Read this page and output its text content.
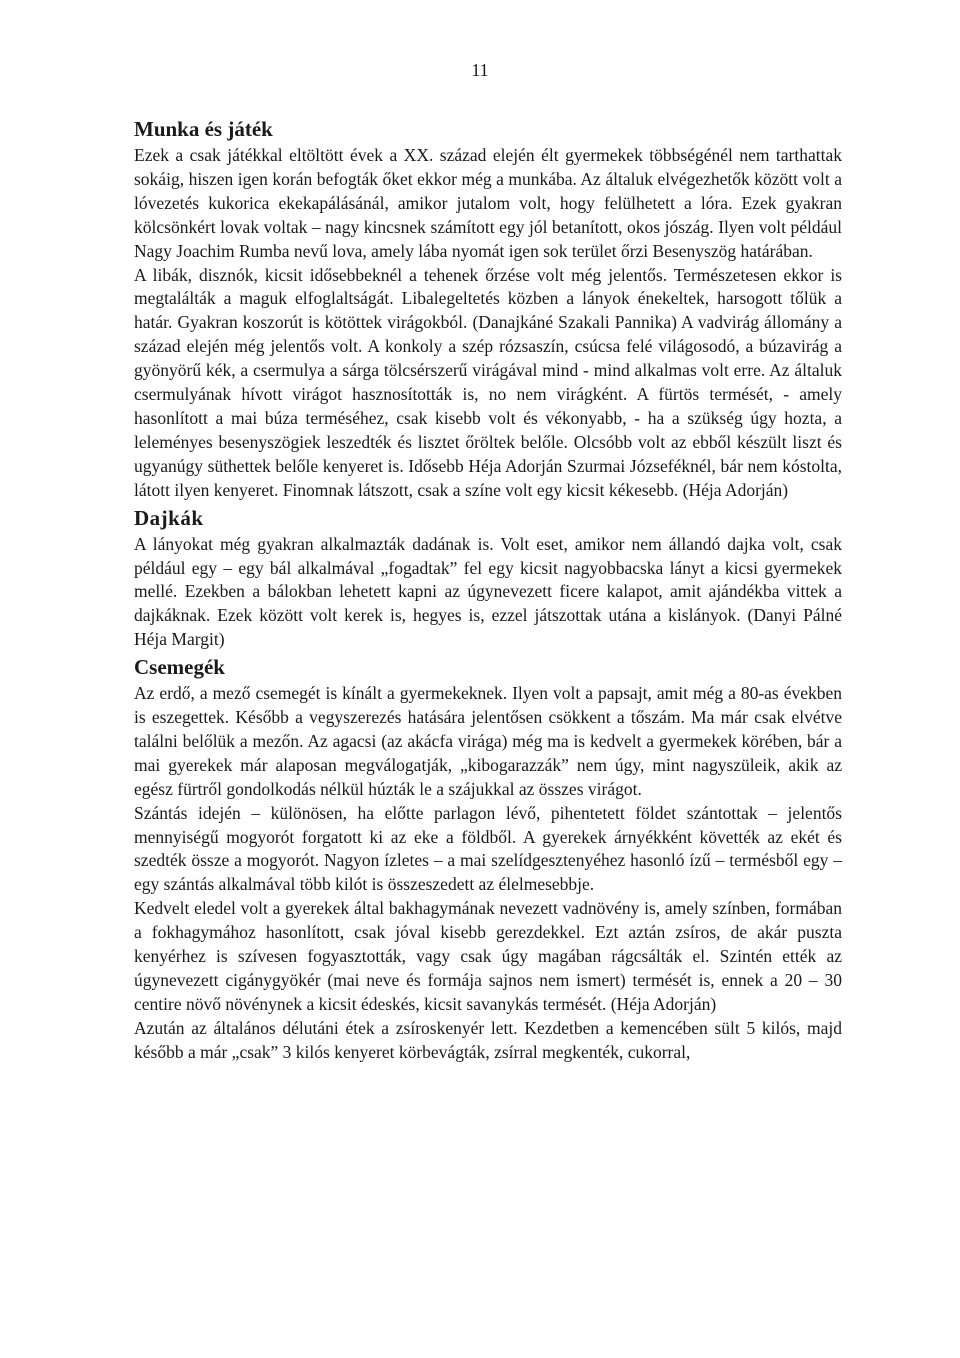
11
Munka és játék

Ezek a csak játékkal eltöltött évek a XX. század elején élt gyermekek többségénél nem tarthattak sokáig, hiszen igen korán befogták őket ekkor még a munkába. Az általuk elvégezhetők között volt a lóvezetés kukorica ekekapálásánál, amikor jutalom volt, hogy felülhetett a lóra. Ezek gyakran kölcsönkért lovak voltak – nagy kincsnek számított egy jól betanított, okos jószág. Ilyen volt például Nagy Joachim Rumba nevű lova, amely lába nyomát igen sok terület őrzi Besenyszög határában.

A libák, disznók, kicsit idősebbeknél a tehenek őrzése volt még jelentős. Természetesen ekkor is megtalálták a maguk elfoglaltságát. Libalegeltetés közben a lányok énekeltek, harsogott tőlük a határ. Gyakran koszorút is kötöttek virágokból. (Danajkáné Szakali Pannika) A vadvirág állomány a század elején még jelentős volt. A konkoly a szép rózsaszín, csúcsa felé világosodó, a búzavirág a gyönyörű kék, a csermulya a sárga tölcsérszerű virágával mind - mind alkalmas volt erre. Az általuk csermulyának hívott virágot hasznosították is, no nem virágként. A fürtös termését, - amely hasonlított a mai búza terméséhez, csak kisebb volt és vékonyabb, - ha a szükség úgy hozta, a leleményes besenyszögiek leszedték és lisztet őröltek belőle. Olcsóbb volt az ebből készült liszt és ugyanúgy süthettek belőle kenyeret is. Idősebb Héja Adorján Szurmai Józseféknél, bár nem kóstolta, látott ilyen kenyeret. Finomnak látszott, csak a színe volt egy kicsit kékesebb. (Héja Adorján)

Dajkák

A lányokat még gyakran alkalmazták dadának is. Volt eset, amikor nem állandó dajka volt, csak például egy – egy bál alkalmával „fogadtak” fel egy kicsit nagyobbacska lányt a kicsi gyermekek mellé. Ezekben a bálokban lehetett kapni az úgynevezett ficere kalapot, amit ajándékba vittek a dajkáknak. Ezek között volt kerek is, hegyes is, ezzel játszottak utána a kislányok. (Danyi Pálné Héja Margit)

Csemegék

Az erdő, a mező csemegét is kínált a gyermekeknek. Ilyen volt a papsajt, amit még a 80-as években is eszegettek. Később a vegyszerezés hatására jelentősen csökkent a tőszám. Ma már csak elvétve találni belőlük a mezőn. Az agacsi (az akácfa virága) még ma is kedvelt a gyermekek körében, bár a mai gyerekek már alaposan megválogatják, „kibogarazzák” nem úgy, mint nagyszüleik, akik az egész fürtről gondolkodás nélkül húzták le a szájukkal az összes virágot.

Szántás idején – különösen, ha előtte parlagon lévő, pihentetett földet szántottak – jelentős mennyiségű mogyorót forgatott ki az eke a földből. A gyerekek árnyékként követték az ekét és szedték össze a mogyorót. Nagyon ízletes – a mai szelídgesztenyéhez hasonló ízű – termésből egy – egy szántás alkalmával több kilót is összeszedett az élelmesebbje.

Kedvelt eledel volt a gyerekek által bakhagymának nevezett vadnövény is, amely színben, formában a fokhagymához hasonlított, csak jóval kisebb gerezdekkel. Ezt aztán zsíros, de akár puszta kenyérhez is szívesen fogyasztották, vagy csak úgy magában rágcsálták el. Szintén ették az úgynevezett cigánygyökér (mai neve és formája sajnos nem ismert) termését is, ennek a 20 – 30 centire növő növénynek a kicsit édeskés, kicsit savanykás termését. (Héja Adorján)

Azután az általános délutáni étek a zsíroskenyér lett. Kezdetben a kemencében sült 5 kilós, majd később a már „csak” 3 kilós kenyeret körbevágták, zsírral megkenték, cukorral,
